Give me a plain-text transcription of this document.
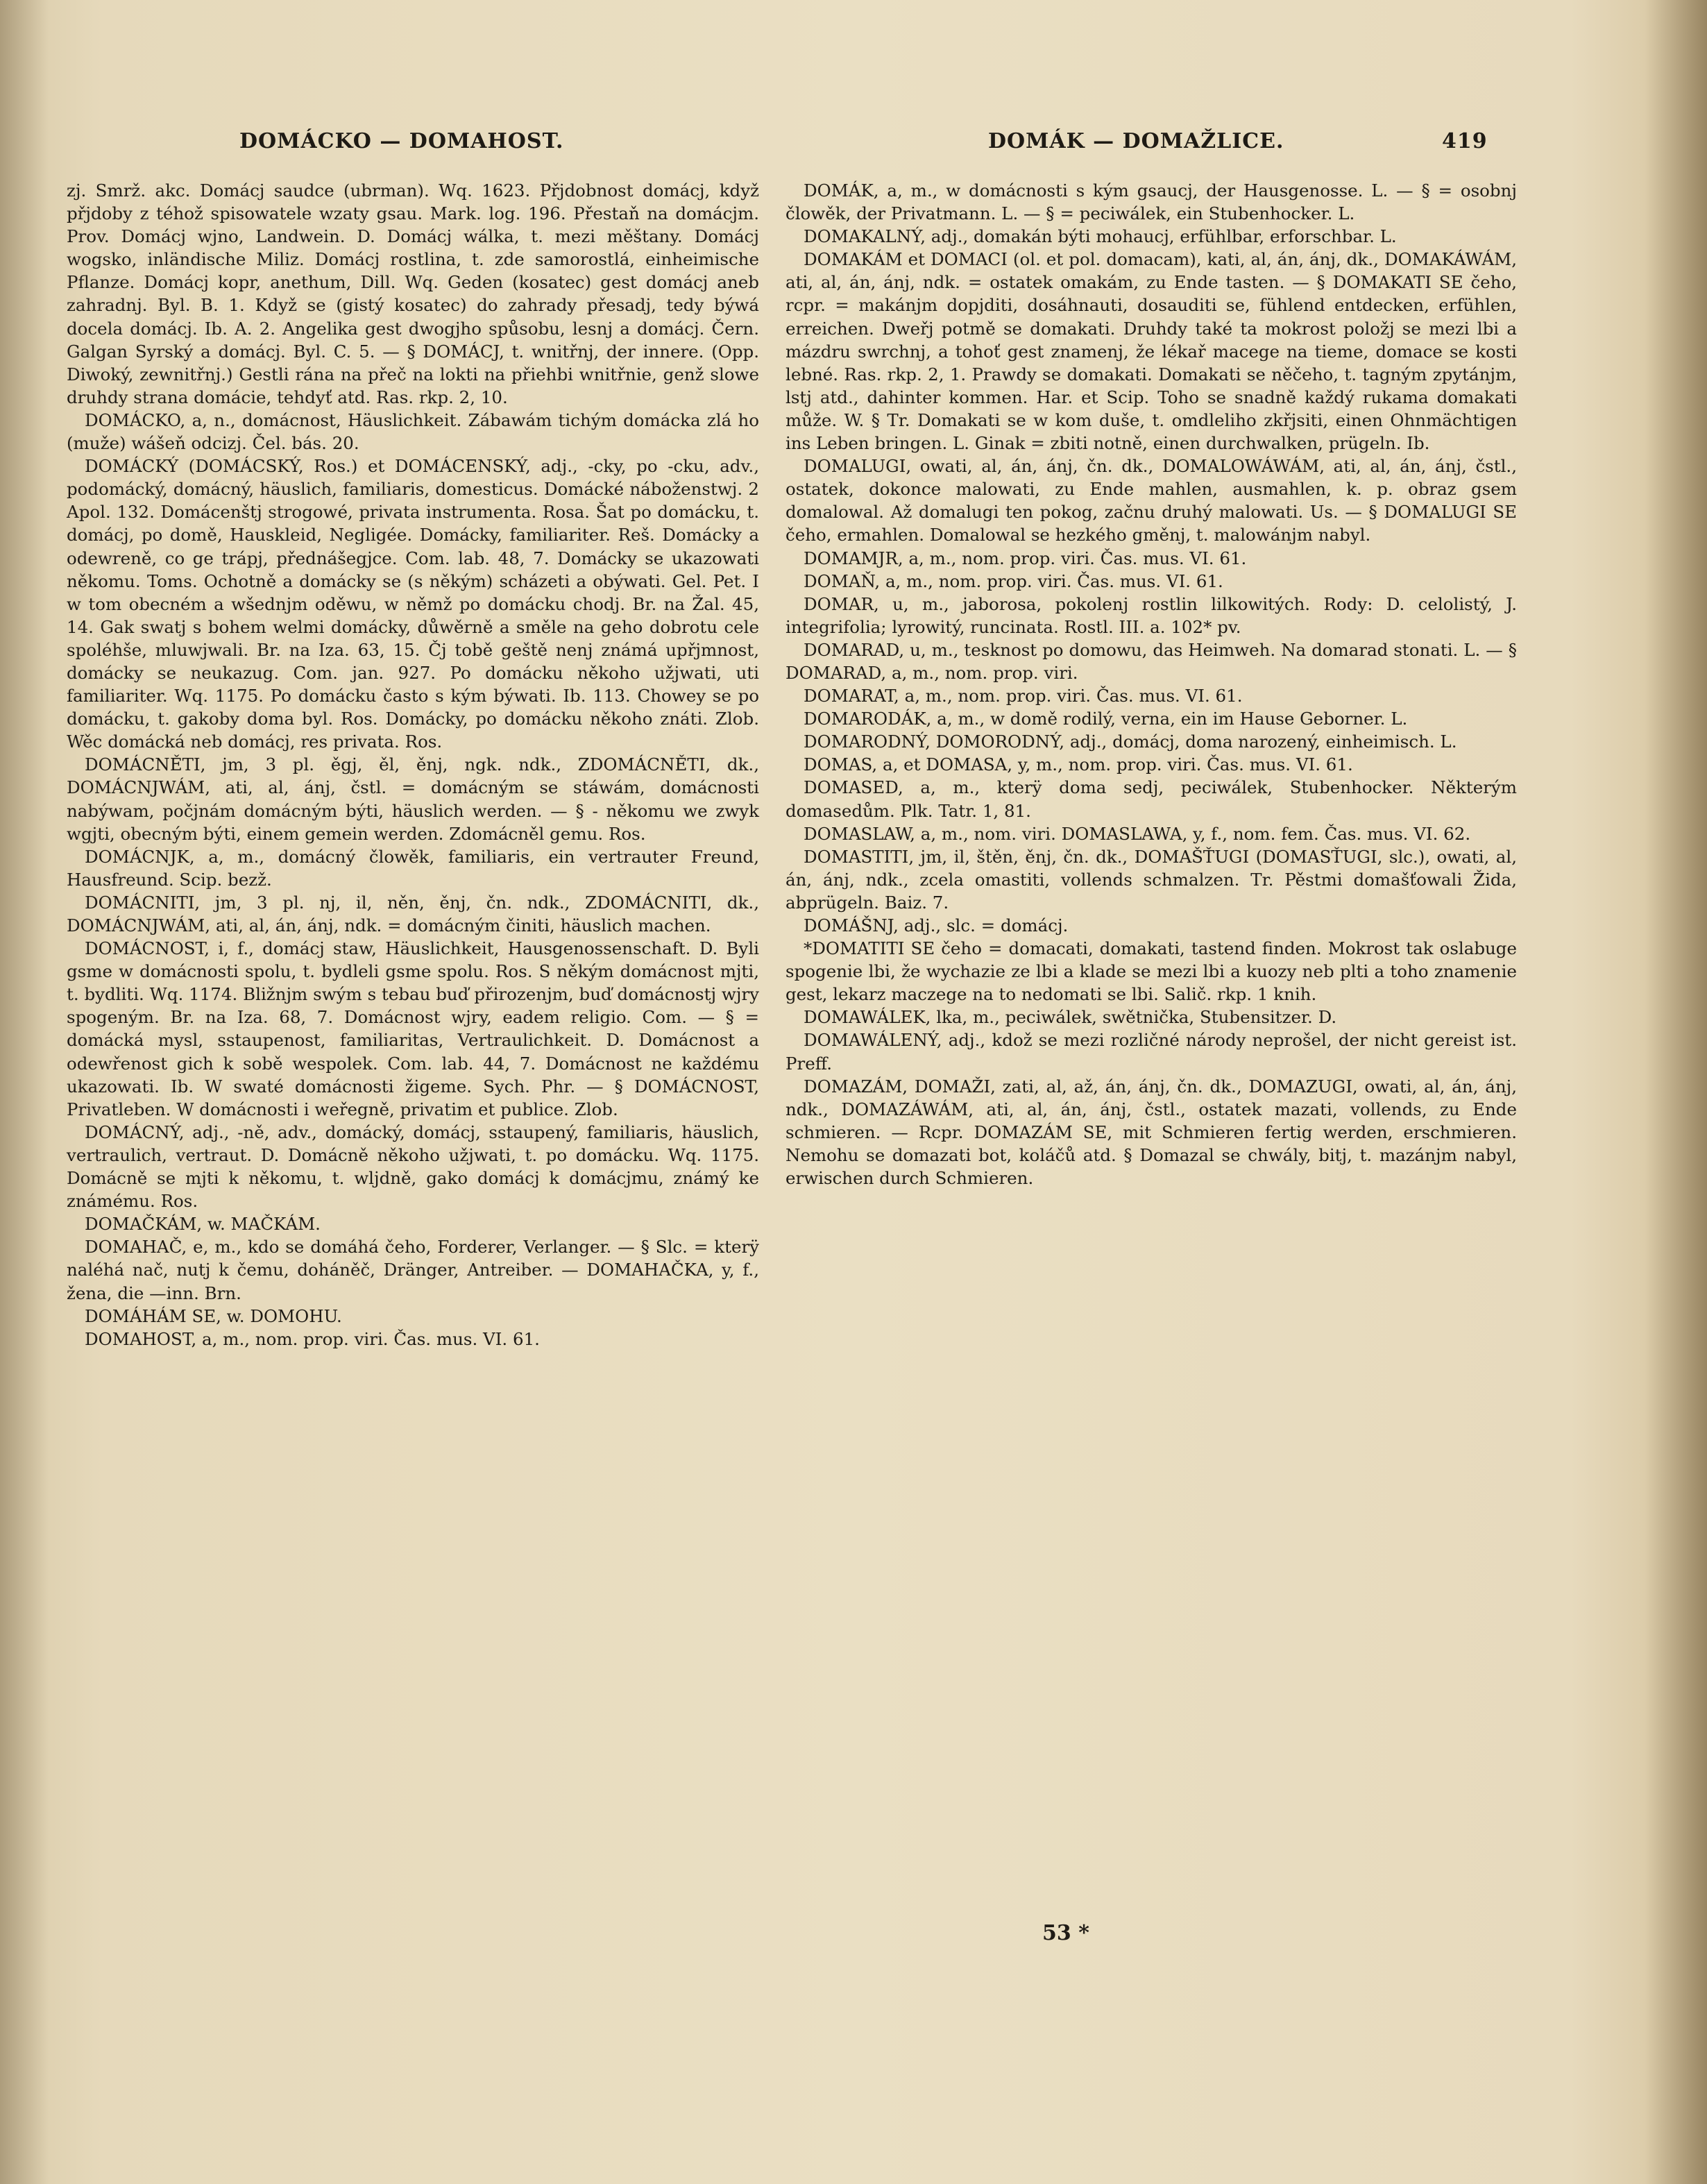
DOMÁCKO — DOMAHOST.	DOMÁK — DOMAŽLICE.	419

zj. Smrž. akc. Domácj saudce (ubrman). Wq. 1623. Přjdobnost domácj, když přjdoby z téhož spisowatele wzaty gsau. Mark. log. 196. Přestaň na domácjm. Prov. Domácj wjno, Landwein. D. Domácj wálka, t. mezi měštany. Domácj wogsko, inländische Miliz. Domácj rostlina, t. zde samorostlá, einheimische Pflanze. Domácj kopr, anethum, Dill. Wq. Geden (kosatec) gest domácj aneb zahradnj. Byl. B. 1. Když se (gistý kosatec) do zahrady přesadj, tedy býwá docela domácj. Ib. A. 2. Angelika gest dwogjho spůsobu, lesnj a domácj. Čern. Galgan Syrský a domácj. Byl. C. 5. — § DOMÁCJ, t. wnitřnj, der innere. (Opp. Diwoký, zewnitřnj.) Gestli rána na přeč na lokti na přiehbi wnitřnie, genž slowe druhdy strana domácie, tehdyť atd. Ras. rkp. 2, 10.

DOMÁCKO, a, n., domácnost, Häuslichkeit. Zábawám tichým domácka zlá ho (muže) wášeň odcizj. Čel. bás. 20.

DOMÁCKÝ (DOMÁCSKÝ, Ros.) et DOMÁCENSKÝ, adj., -cky, po -cku, adv., podomácký, domácný, häuslich, familiaris, domesticus. Domácké náboženstwj. 2 Apol. 132. Domácenštj strogowé, privata instrumenta. Rosa. Šat po domácku, t. domácj, po domě, Hauskleid, Negligée. Domácky, familiariter. Reš. Domácky a odewreně, co ge trápj, přednášegjce. Com. lab. 48, 7. Domácky se ukazowati někomu. Toms. Ochotně a domácky se (s někým) scházeti a obýwati. Gel. Pet. I w tom obecném a wšednjm oděwu, w němž po domácku chodj. Br. na Žal. 45, 14. Gak swatj s bohem welmi domácky, důwěrně a směle na geho dobrotu cele spoléhše, mluwjwali. Br. na Iza. 63, 15. Čj tobě geště nenj známá upřjmnost, domácky se neukazug. Com. jan. 927. Po domácku někoho užjwati, uti familiariter. Wq. 1175. Po domácku často s kým býwati. Ib. 113. Chowey se po domácku, t. gakoby doma byl. Ros. Domácky, po domácku někoho znáti. Zlob. Wěc domácká neb domácj, res privata. Ros.

DOMÁCNĚTI, jm, 3 pl. ěgj, ěl, ěnj, ngk. ndk., ZDOMÁCNĚTI, dk., DOMÁCNJWÁM, ati, al, ánj, čstl. = domácným se stáwám, domácnosti nabýwam, počjnám domácným býti, häuslich werden. — § - někomu we zwyk wgjti, obecným býti, einem gemein werden. Zdomácněl gemu. Ros.

DOMÁCNJK, a, m., domácný člowěk, familiaris, ein vertrauter Freund, Hausfreund. Scip. bezž.

DOMÁCNITI, jm, 3 pl. nj, il, něn, ěnj, čn. ndk., ZDOMÁCNITI, dk., DOMÁCNJWÁM, ati, al, án, ánj, ndk. = domácným činiti, häuslich machen.

DOMÁCNOST, i, f., domácj staw, Häuslichkeit, Hausgenossenschaft. D. Byli gsme w domácnosti spolu, t. bydleli gsme spolu. Ros. S někým domácnost mjti, t. bydliti. Wq. 1174. Bližnjm swým s tebau buď přirozenjm, buď domácnostj wjry spogeným. Br. na Iza. 68, 7. Domácnost wjry, eadem religio. Com. — § = domácká mysl, sstaupenost, familiaritas, Vertraulichkeit. D. Domácnost a odewřenost gich k sobě wespolek. Com. lab. 44, 7. Domácnost ne každému ukazowati. Ib. W swaté domácnosti žigeme. Sych. Phr. — § DOMÁCNOST, Privatleben. W domácnosti i weřegně, privatim et publice. Zlob.

DOMÁCNÝ, adj., -ně, adv., domácký, domácj, sstaupený, familiaris, häuslich, vertraulich, vertraut. D. Domácně někoho užjwati, t. po domácku. Wq. 1175. Domácně se mjti k někomu, t. wljdně, gako domácj k domácjmu, známý ke známému. Ros.

DOMAČKÁM, w. MAČKÁM.

DOMAHAČ, e, m., kdo se domáhá čeho, Forderer, Verlanger. — § Slc. = kterÿ naléhá nač, nutj k čemu, doháněč, Dränger, Antreiber. — DOMAHAČKA, y, f., žena, die —inn. Brn.

DOMÁHÁM SE, w. DOMOHU.

DOMAHOST, a, m., nom. prop. viri. Čas. mus. VI. 61.

DOMÁK, a, m., w domácnosti s kým gsaucj, der Hausgenosse. L. — § = osobnj člowěk, der Privatmann. L. — § = peciwálek, ein Stubenhocker. L.

DOMAKALNÝ, adj., domakán býti mohaucj, erfühlbar, erforschbar. L.

DOMAKÁM et DOMACI (ol. et pol. domacam), kati, al, án, ánj, dk., DOMAKÁWÁM, ati, al, án, ánj, ndk. = ostatek omakám, zu Ende tasten. — § DOMAKATI SE čeho, rcpr. = makánjm dopjditi, dosáhnauti, dosauditi se, fühlend entdecken, erfühlen, erreichen. Dweřj potmě se domakati. Druhdy také ta mokrost položj se mezi lbi a mázdru swrchnj, a tohoť gest znamenj, že lékař macege na tieme, domace se kosti lebné. Ras. rkp. 2, 1. Prawdy se domakati. Domakati se něčeho, t. tagným zpytánjm, lstj atd., dahinter kommen. Har. et Scip. Toho se snadně každý rukama domakati může. W. § Tr. Domakati se w kom duše, t. omdleliho zkřjsiti, einen Ohnmächtigen ins Leben bringen. L. Ginak = zbiti notně, einen durchwalken, prügeln. Ib.

DOMALUGI, owati, al, án, ánj, čn. dk., DOMALOWÁWÁM, ati, al, án, ánj, čstl., ostatek, dokonce malowati, zu Ende mahlen, ausmahlen, k. p. obraz gsem domalowal. Až domalugi ten pokog, začnu druhý malowati. Us. — § DOMALUGI SE čeho, ermahlen. Domalowal se hezkého gměnj, t. malowánjm nabyl.

DOMAMJR, a, m., nom. prop. viri. Čas. mus. VI. 61.

DOMAŇ, a, m., nom. prop. viri. Čas. mus. VI. 61.

DOMAR, u, m., jaborosa, pokolenj rostlin lilkowitých. Rody: D. celolistý, J. integrifolia; lyrowitý, runcinata. Rostl. III. a. 102* pv.

DOMARAD, u, m., tesknost po domowu, das Heimweh. Na domarad stonati. L. — § DOMARAD, a, m., nom. prop. viri.

DOMARAT, a, m., nom. prop. viri. Čas. mus. VI. 61.

DOMARODÁK, a, m., w domě rodilý, verna, ein im Hause Geborner. L.

DOMARODNÝ, DOMORODNÝ, adj., domácj, doma narozený, einheimisch. L.

DOMAS, a, et DOMASA, y, m., nom. prop. viri. Čas. mus. VI. 61.

DOMASED, a, m., kterÿ doma sedj, peciwálek, Stubenhocker. Některým domasedům. Plk. Tatr. 1, 81.

DOMASLAW, a, m., nom. viri. DOMASLAWA, y, f., nom. fem. Čas. mus. VI. 62.

DOMASTITI, jm, il, štěn, ěnj, čn. dk., DOMAŠŤUGI (DOMASŤUGI, slc.), owati, al, án, ánj, ndk., zcela omastiti, vollends schmalzen. Tr. Pěstmi domašťowali Žida, abprügeln. Baiz. 7.

DOMÁŠNJ, adj., slc. = domácj.

*DOMATITI SE čeho = domacati, domakati, tastend finden. Mokrost tak oslabuge spogenie lbi, že wychazie ze lbi a klade se mezi lbi a kuozy neb plti a toho znamenie gest, lekarz maczege na to nedomati se lbi. Salič. rkp. 1 knih.

DOMAWÁLEK, lka, m., peciwálek, swětnička, Stubensitzer. D.

DOMAWÁLENÝ, adj., kdož se mezi rozličné národy neprošel, der nicht gereist ist. Preff.

DOMAZÁM, DOMAŽI, zati, al, až, án, ánj, čn. dk., DOMAZUGI, owati, al, án, ánj, ndk., DOMAZÁWÁM, ati, al, án, ánj, čstl., ostatek mazati, vollends, zu Ende schmieren. — Rcpr. DOMAZÁM SE, mit Schmieren fertig werden, erschmieren. Nemohu se domazati bot, koláčů atd. § Domazal se chwály, bitj, t. mazánjm nabyl, erwischen durch Schmieren.

53 *
